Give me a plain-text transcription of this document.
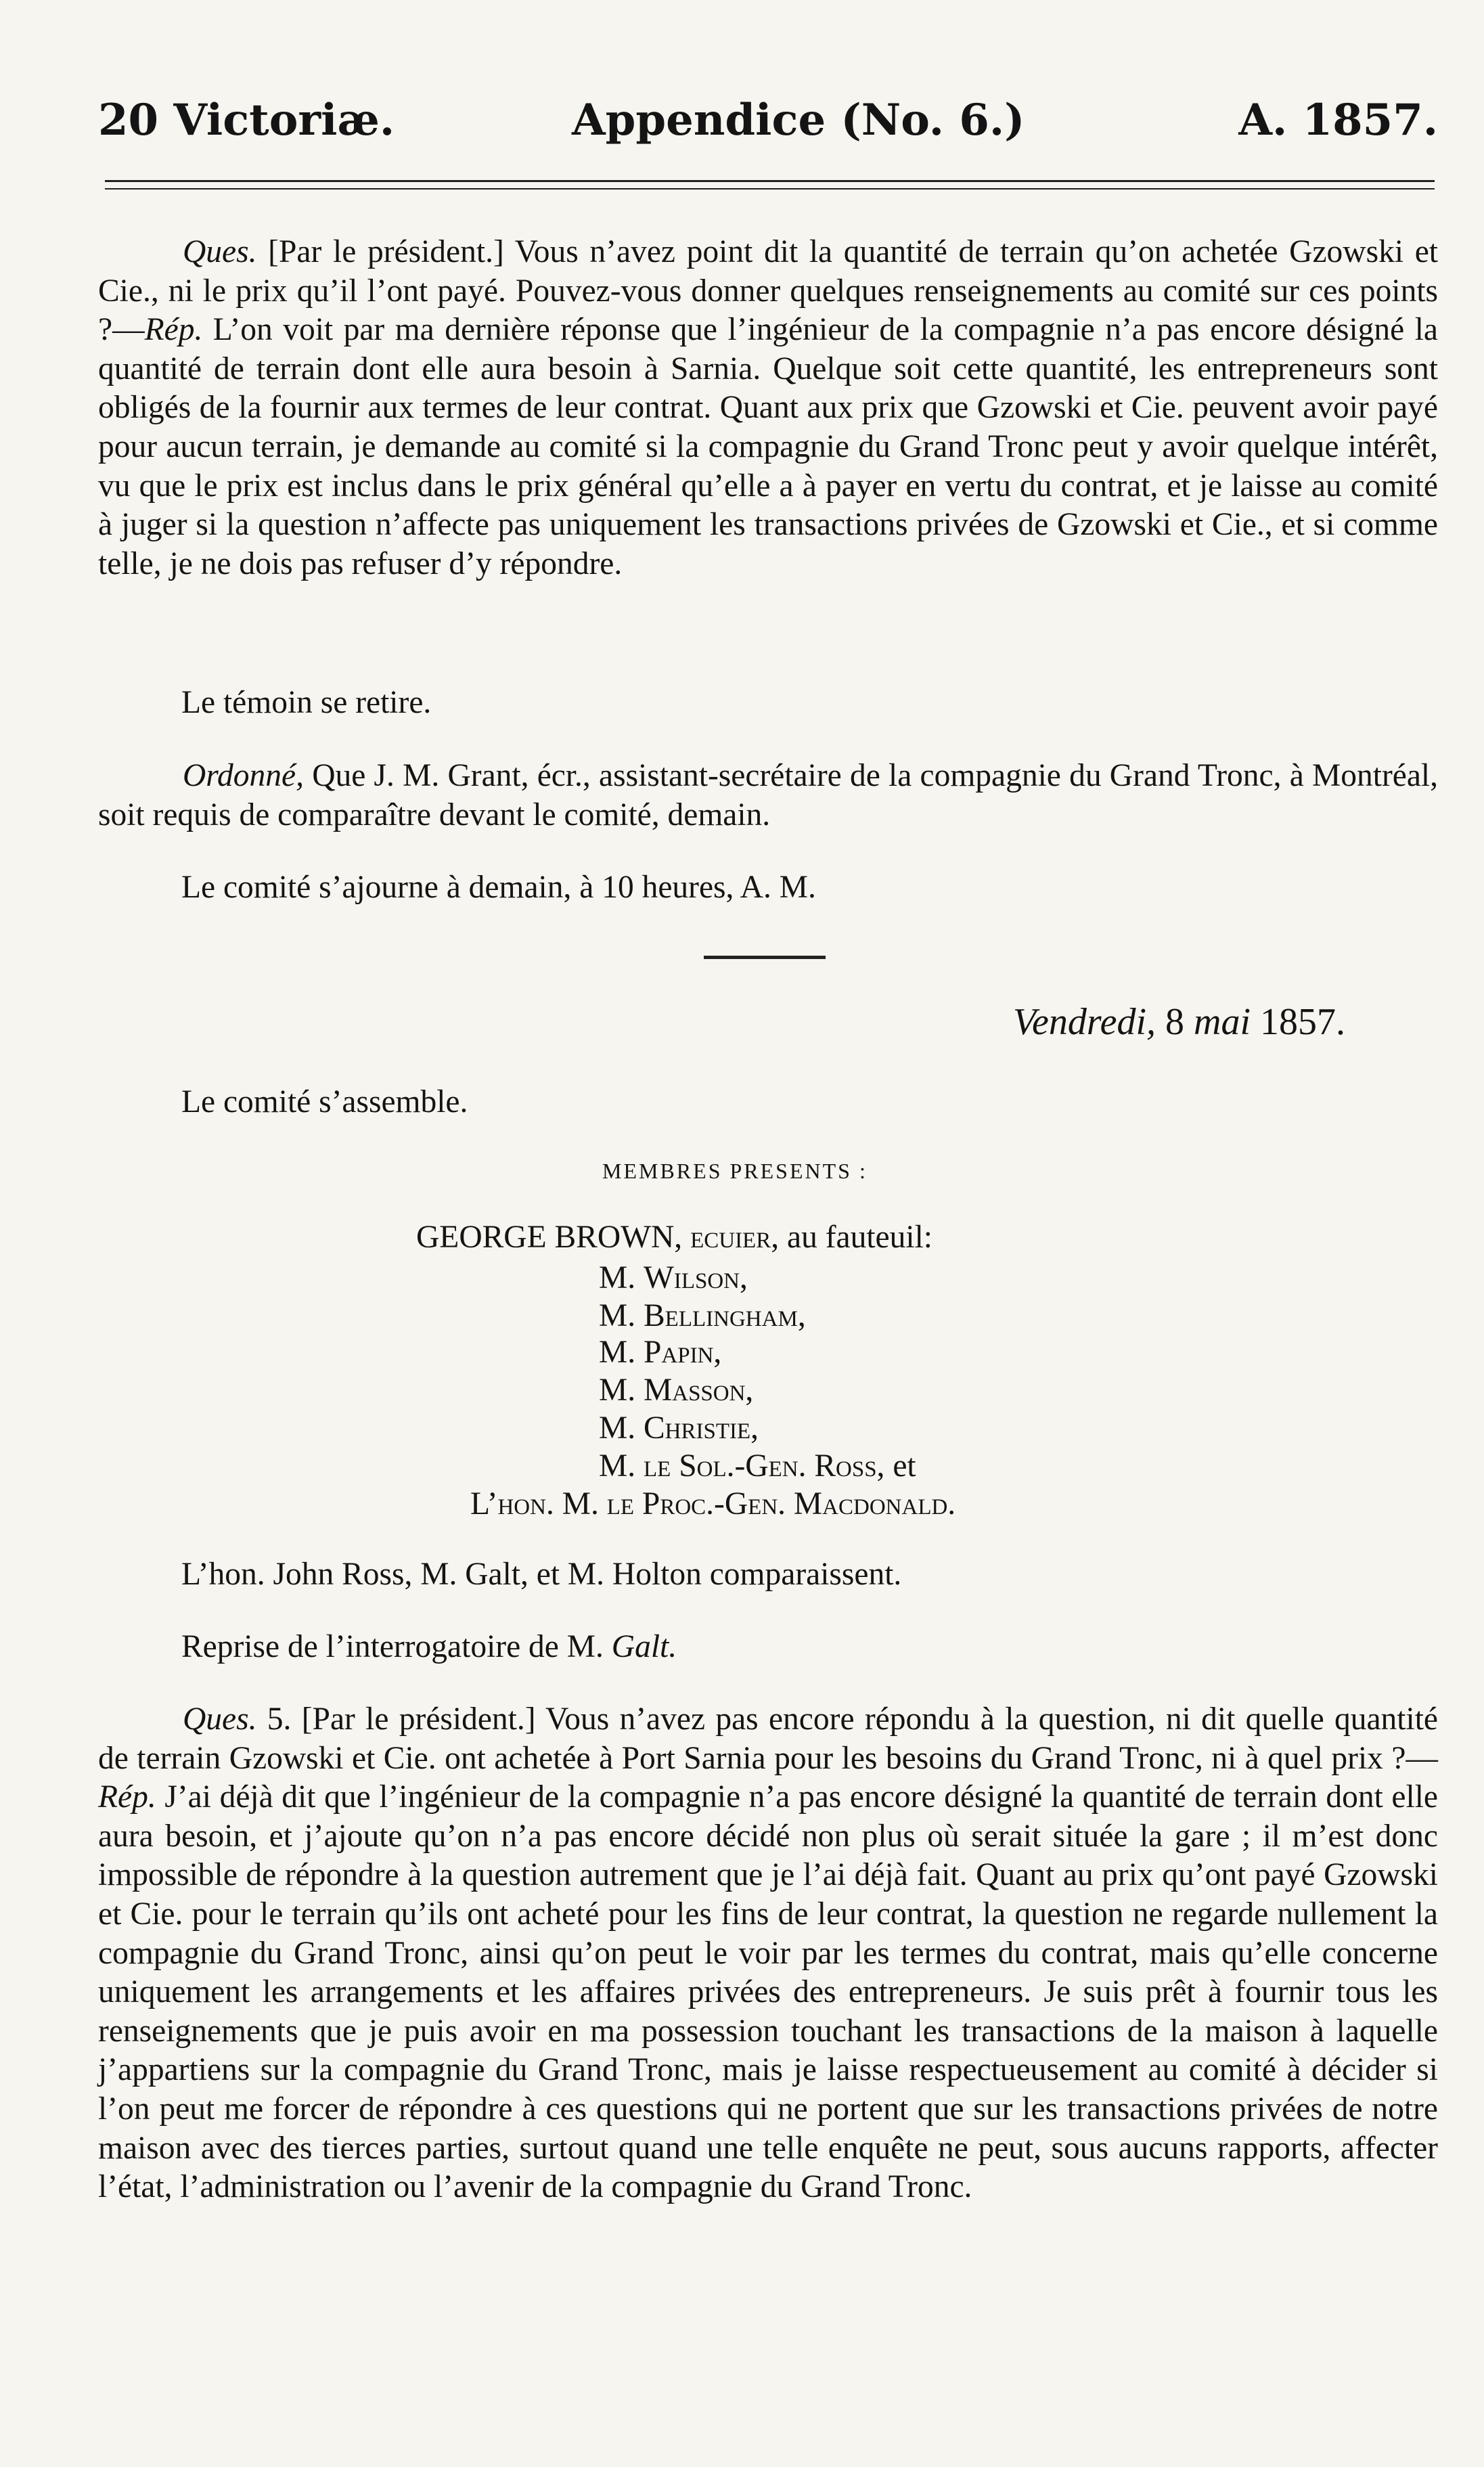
20 Victoriæ.	Appendice (No. 6.)	A. 1857.

Ques. [Par le président.] Vous n’avez point dit la quantité de terrain qu’on achetée Gzowski et Cie., ni le prix qu’il l’ont payé. Pouvez-vous donner quelques renseignements au comité sur ces points ?—Rép. L’on voit par ma dernière réponse que l’ingénieur de la compagnie n’a pas encore désigné la quantité de terrain dont elle aura besoin à Sarnia. Quelque soit cette quantité, les entrepreneurs sont obligés de la fournir aux termes de leur contrat. Quant aux prix que Gzowski et Cie. peuvent avoir payé pour aucun terrain, je demande au comité si la compagnie du Grand Tronc peut y avoir quelque intérêt, vu que le prix est inclus dans le prix général qu’elle a à payer en vertu du contrat, et je laisse au comité à juger si la question n’affecte pas uniquement les transactions privées de Gzowski et Cie., et si comme telle, je ne dois pas refuser d’y répondre.

Le témoin se retire.

Ordonné, Que J. M. Grant, écr., assistant-secrétaire de la compagnie du Grand Tronc, à Montréal, soit requis de comparaître devant le comité, demain.

Le comité s’ajourne à demain, à 10 heures, A. M.

Vendredi, 8 mai 1857.

Le comité s’assemble.

MEMBRES PRESENTS :
GEORGE BROWN, ecuier, au fauteuil:
M. Wilson,
M. Bellingham,
M. Papin,
M. Masson,
M. Christie,
M. le Sol.-Gen. Ross, et
L’hon. M. le Proc.-Gen. Macdonald.

L’hon. John Ross, M. Galt, et M. Holton comparaissent.

Reprise de l’interrogatoire de M. Galt.

Ques. 5. [Par le président.] Vous n’avez pas encore répondu à la question, ni dit quelle quantité de terrain Gzowski et Cie. ont achetée à Port Sarnia pour les besoins du Grand Tronc, ni à quel prix ?—Rép. J’ai déjà dit que l’ingénieur de la compagnie n’a pas encore désigné la quantité de terrain dont elle aura besoin, et j’ajoute qu’on n’a pas encore décidé non plus où serait située la gare ; il m’est donc impossible de répondre à la question autrement que je l’ai déjà fait. Quant au prix qu’ont payé Gzowski et Cie. pour le terrain qu’ils ont acheté pour les fins de leur contrat, la question ne regarde nullement la compagnie du Grand Tronc, ainsi qu’on peut le voir par les termes du contrat, mais qu’elle concerne uniquement les arrangements et les affaires privées des entrepreneurs. Je suis prêt à fournir tous les renseignements que je puis avoir en ma possession touchant les transactions de la maison à laquelle j’appartiens sur la compagnie du Grand Tronc, mais je laisse respectueusement au comité à décider si l’on peut me forcer de répondre à ces questions qui ne portent que sur les transactions privées de notre maison avec des tierces parties, surtout quand une telle enquête ne peut, sous aucuns rapports, affecter l’état, l’administration ou l’avenir de la compagnie du Grand Tronc.
